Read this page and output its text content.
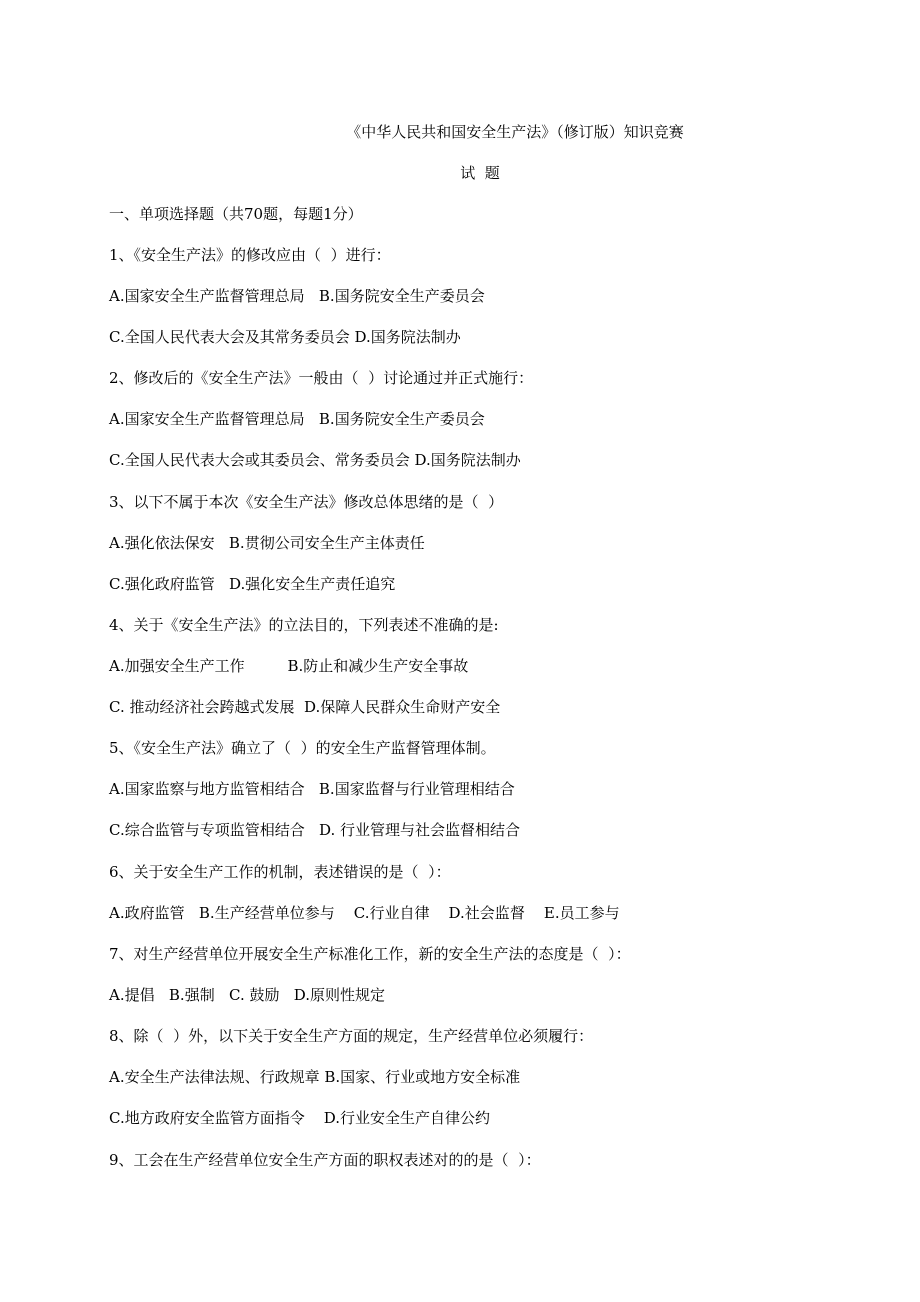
《中华人民共和国安全生产法》（修订版）知识竞赛
试  题
一、单项选择题（共70题，每题1分）
1、《安全生产法》的修改应由（  ）进行：
A.国家安全生产监督管理总局   B.国务院安全生产委员会
C.全国人民代表大会及其常务委员会 D.国务院法制办
2、修改后的《安全生产法》一般由（  ）讨论通过并正式施行：
A.国家安全生产监督管理总局   B.国务院安全生产委员会
C.全国人民代表大会或其委员会、常务委员会 D.国务院法制办
3、以下不属于本次《安全生产法》修改总体思绪的是（  ）
A.强化依法保安   B.贯彻公司安全生产主体责任
C.强化政府监管   D.强化安全生产责任追究
4、关于《安全生产法》的立法目的，下列表述不准确的是:
A.加强安全生产工作         B.防止和减少生产安全事故
C. 推动经济社会跨越式发展  D.保障人民群众生命财产安全
5、《安全生产法》确立了（  ）的安全生产监督管理体制。
A.国家监察与地方监管相结合   B.国家监督与行业管理相结合
C.综合监管与专项监管相结合   D. 行业管理与社会监督相结合
6、关于安全生产工作的机制，表述错误的是（  ）：
A.政府监管   B.生产经营单位参与    C.行业自律    D.社会监督    E.员工参与
7、对生产经营单位开展安全生产标准化工作，新的安全生产法的态度是（  ）：
A.提倡   B.强制   C. 鼓励   D.原则性规定
8、除（  ）外，以下关于安全生产方面的规定，生产经营单位必须履行：
A.安全生产法律法规、行政规章 B.国家、行业或地方安全标准
C.地方政府安全监管方面指令    D.行业安全生产自律公约
9、工会在生产经营单位安全生产方面的职权表述对的的是（  ）：
